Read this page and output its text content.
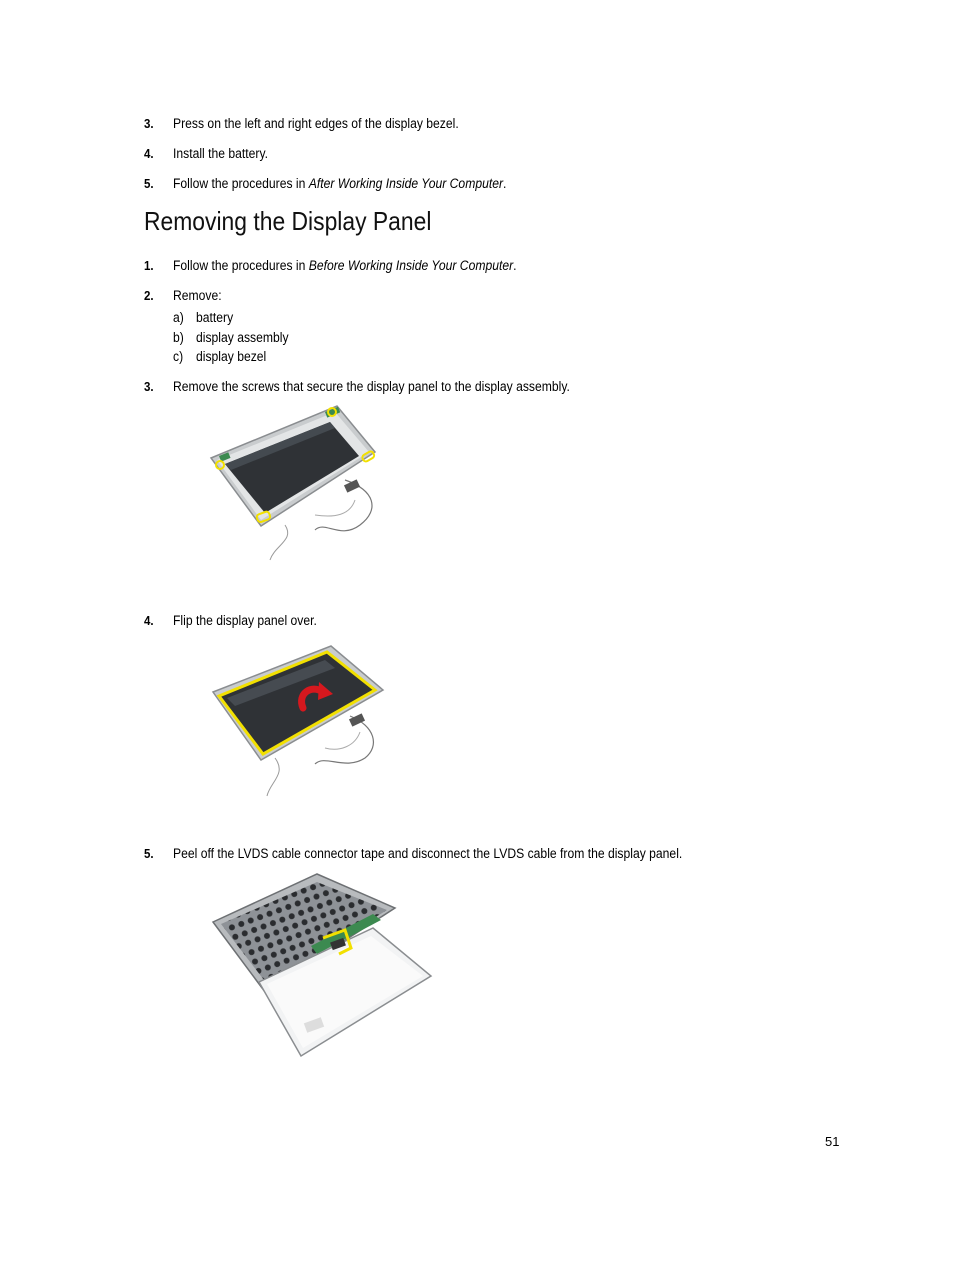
3. Press on the left and right edges of the display bezel.
4. Install the battery.
5. Follow the procedures in After Working Inside Your Computer.
Removing the Display Panel
1. Follow the procedures in Before Working Inside Your Computer.
2. Remove:
a) battery
b) display assembly
c) display bezel
3. Remove the screws that secure the display panel to the display assembly.
4. Flip the display panel over.
5. Peel off the LVDS cable connector tape and disconnect the LVDS cable from the display panel.
51
